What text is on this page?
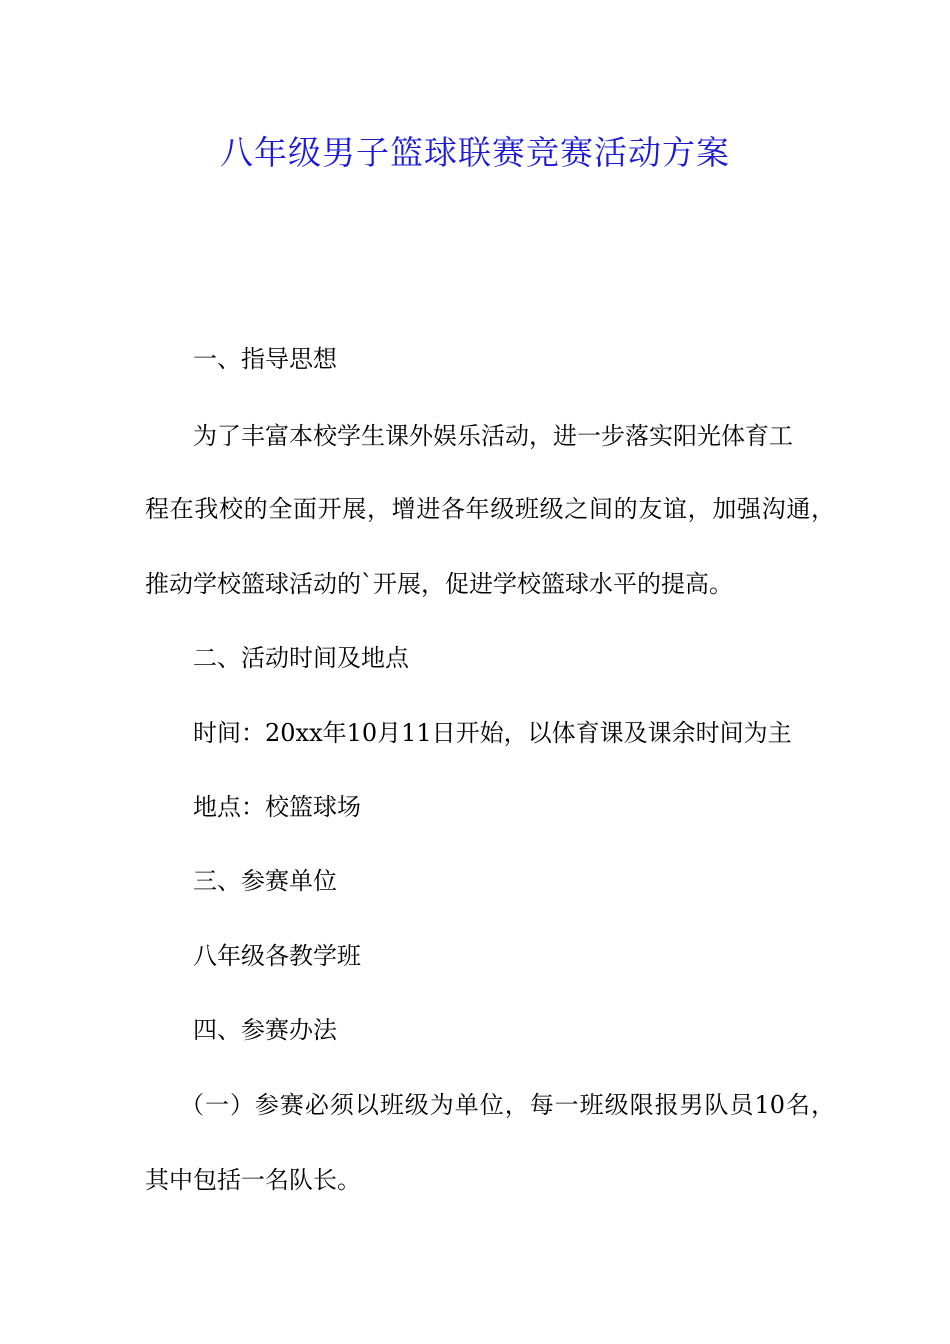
八年级男子篮球联赛竞赛活动方案

一、指导思想

为了丰富本校学生课外娱乐活动，进一步落实阳光体育工

程在我校的全面开展，增进各年级班级之间的友谊，加强沟通，

推动学校篮球活动的`开展，促进学校篮球水平的提高。

二、活动时间及地点

时间：20xx年10月11日开始，以体育课及课余时间为主

地点：校篮球场

三、参赛单位

八年级各教学班

四、参赛办法

（一）参赛必须以班级为单位，每一班级限报男队员10名，

其中包括一名队长。
